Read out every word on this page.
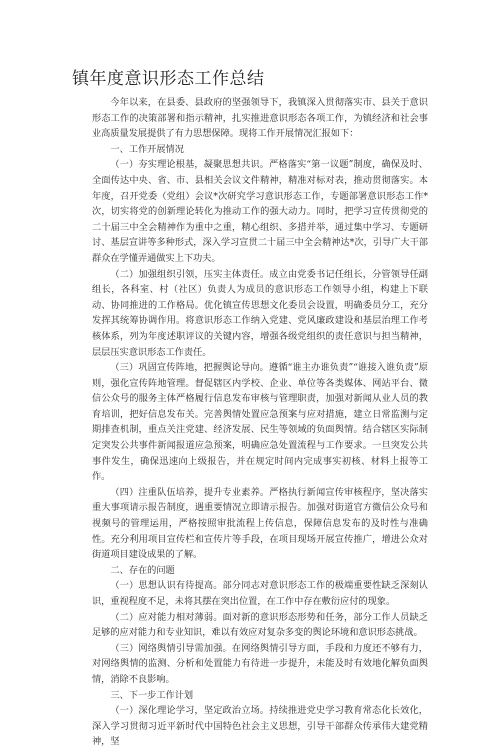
镇年度意识形态工作总结

今年以来，在县委、县政府的坚强领导下，我镇深入贯彻落实市、县关于意识形态工作的决策部署和指示精神，扎实推进意识形态各项工作，为镇经济和社会事业高质量发展提供了有力思想保障。现将工作开展情况汇报如下：

一、工作开展情况

（一）夯实理论根基，凝聚思想共识。严格落实“第一议题”制度，确保及时、全面传达中央、省、市、县相关会议文件精神，精准对标对表，推动贯彻落实。本年度，召开党委（党组）会议*次研究学习意识形态工作，专题部署意识形态工作*次，切实将党的创新理论转化为推动工作的强大动力。同时，把学习宣传贯彻党的二十届三中全会精神作为重中之重，精心组织、多措并举，通过集中学习、专题研讨、基层宣讲等多种形式，深入学习宣贯二十届三中全会精神达*次，引导广大干部群众在学懂弄通做实上下功夫。

（二）加强组织引领，压实主体责任。成立由党委书记任组长，分管领导任副组长，各科室、村（社区）负责人为成员的意识形态工作领导小组，构建上下联动、协同推进的工作格局。优化镇宣传思想文化委员会设置，明确委员分工，充分发挥其统筹协调作用。将意识形态工作纳入党建、党风廉政建设和基层治理工作考核体系，列为年度述职评议的关键内容，增强各级党组织的责任意识与担当精神，层层压实意识形态工作责任。

（三）巩固宣传阵地，把握舆论导向。遵循“谁主办谁负责”“谁接入谁负责”原则，强化宣传阵地管理。督促辖区内学校、企业、单位等各类媒体、网站平台、微信公众号的服务主体严格履行信息发布审核与管理职责，加强对新闻从业人员的教育培训，把好信息发布关。完善舆情处置应急预案与应对措施，建立日常监测与定期排查机制，重点关注党建、经济发展、民生等领域的负面舆情。结合辖区实际制定突发公共事件新闻报道应急预案，明确应急处置流程与工作要求。一旦突发公共事件发生，确保迅速向上级报告，并在规定时间内完成事实初核、材料上报等工作。

（四）注重队伍培养，提升专业素养。严格执行新闻宣传审核程序，坚决落实重大事项请示报告制度，遇重要情况立即请示报告。加强对街道官方微信公众号和视频号的管理运用，严格按照审批流程上传信息，保障信息发布的及时性与准确性。充分利用项目宣传栏和宣传片等手段，在项目现场开展宣传推广，增进公众对街道项目建设成果的了解。

二、存在的问题

（一）思想认识有待提高。部分同志对意识形态工作的极端重要性缺乏深刻认识，重视程度不足，未将其摆在突出位置，在工作中存在敷衍应付的现象。

（二）应对能力相对薄弱。面对新的意识形态形势和任务，部分工作人员缺乏足够的应对能力和专业知识，难以有效应对复杂多变的舆论环境和意识形态挑战。

（三）网络舆情引导需加强。在网络舆情引导方面，手段和力度还不够有力，对网络舆情的监测、分析和处置能力有待进一步提升，未能及时有效地化解负面舆情，消除不良影响。

三、下一步工作计划

（一）深化理论学习，坚定政治立场。持续推进党史学习教育常态化长效化，深入学习贯彻习近平新时代中国特色社会主义思想，引导干部群众传承伟大建党精神，坚
